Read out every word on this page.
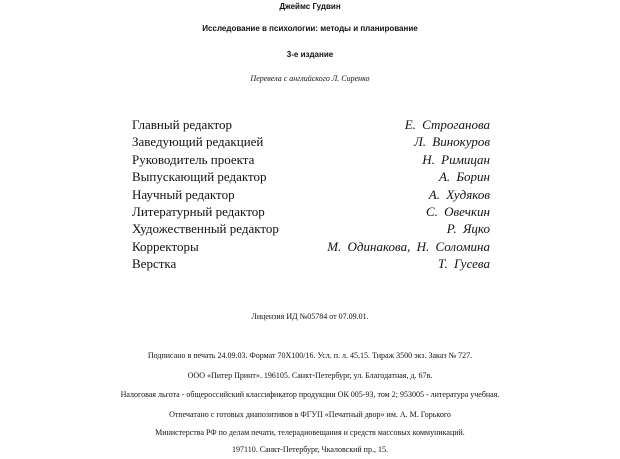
Джеймс Гудвин
Исследование в психологии: методы и планирование
3-е издание
Перевела с английского Л. Сиренко
Главный редактор	Е. Строганова
Заведующий редакцией	Л. Винокуров
Руководитель проекта	Н. Римицан
Выпускающий редактор	А. Борин
Научный редактор	А. Худяков
Литературный редактор	С. Овечкин
Художественный редактор	Р. Яцко
Корректоры	М. Одинакова, Н. Соломина
Верстка	Т. Гусева
Лицензия ИД №05784 от 07.09.01.
Подписано в печать 24.09.03. Формат 70Х100/16. Усл. п. л. 45.15. Тираж 3500 экз. Заказ № 727.
ООО «Питер Принт». 196105. Санкт-Петербург, ул. Благодатная, д. 67в.
Налоговая льгота - общероссийский классификатор продукции ОК 005-93, том 2; 953005 - литература учебная.
Отпечатано с готовых диапозитивов в ФГУП «Печатный двор» им. А. М. Горького
Министерства РФ по делам печати, телерадиовещания и средств массовых коммуникаций.
197110. Санкт-Петербург, Чкаловский пр., 15.
